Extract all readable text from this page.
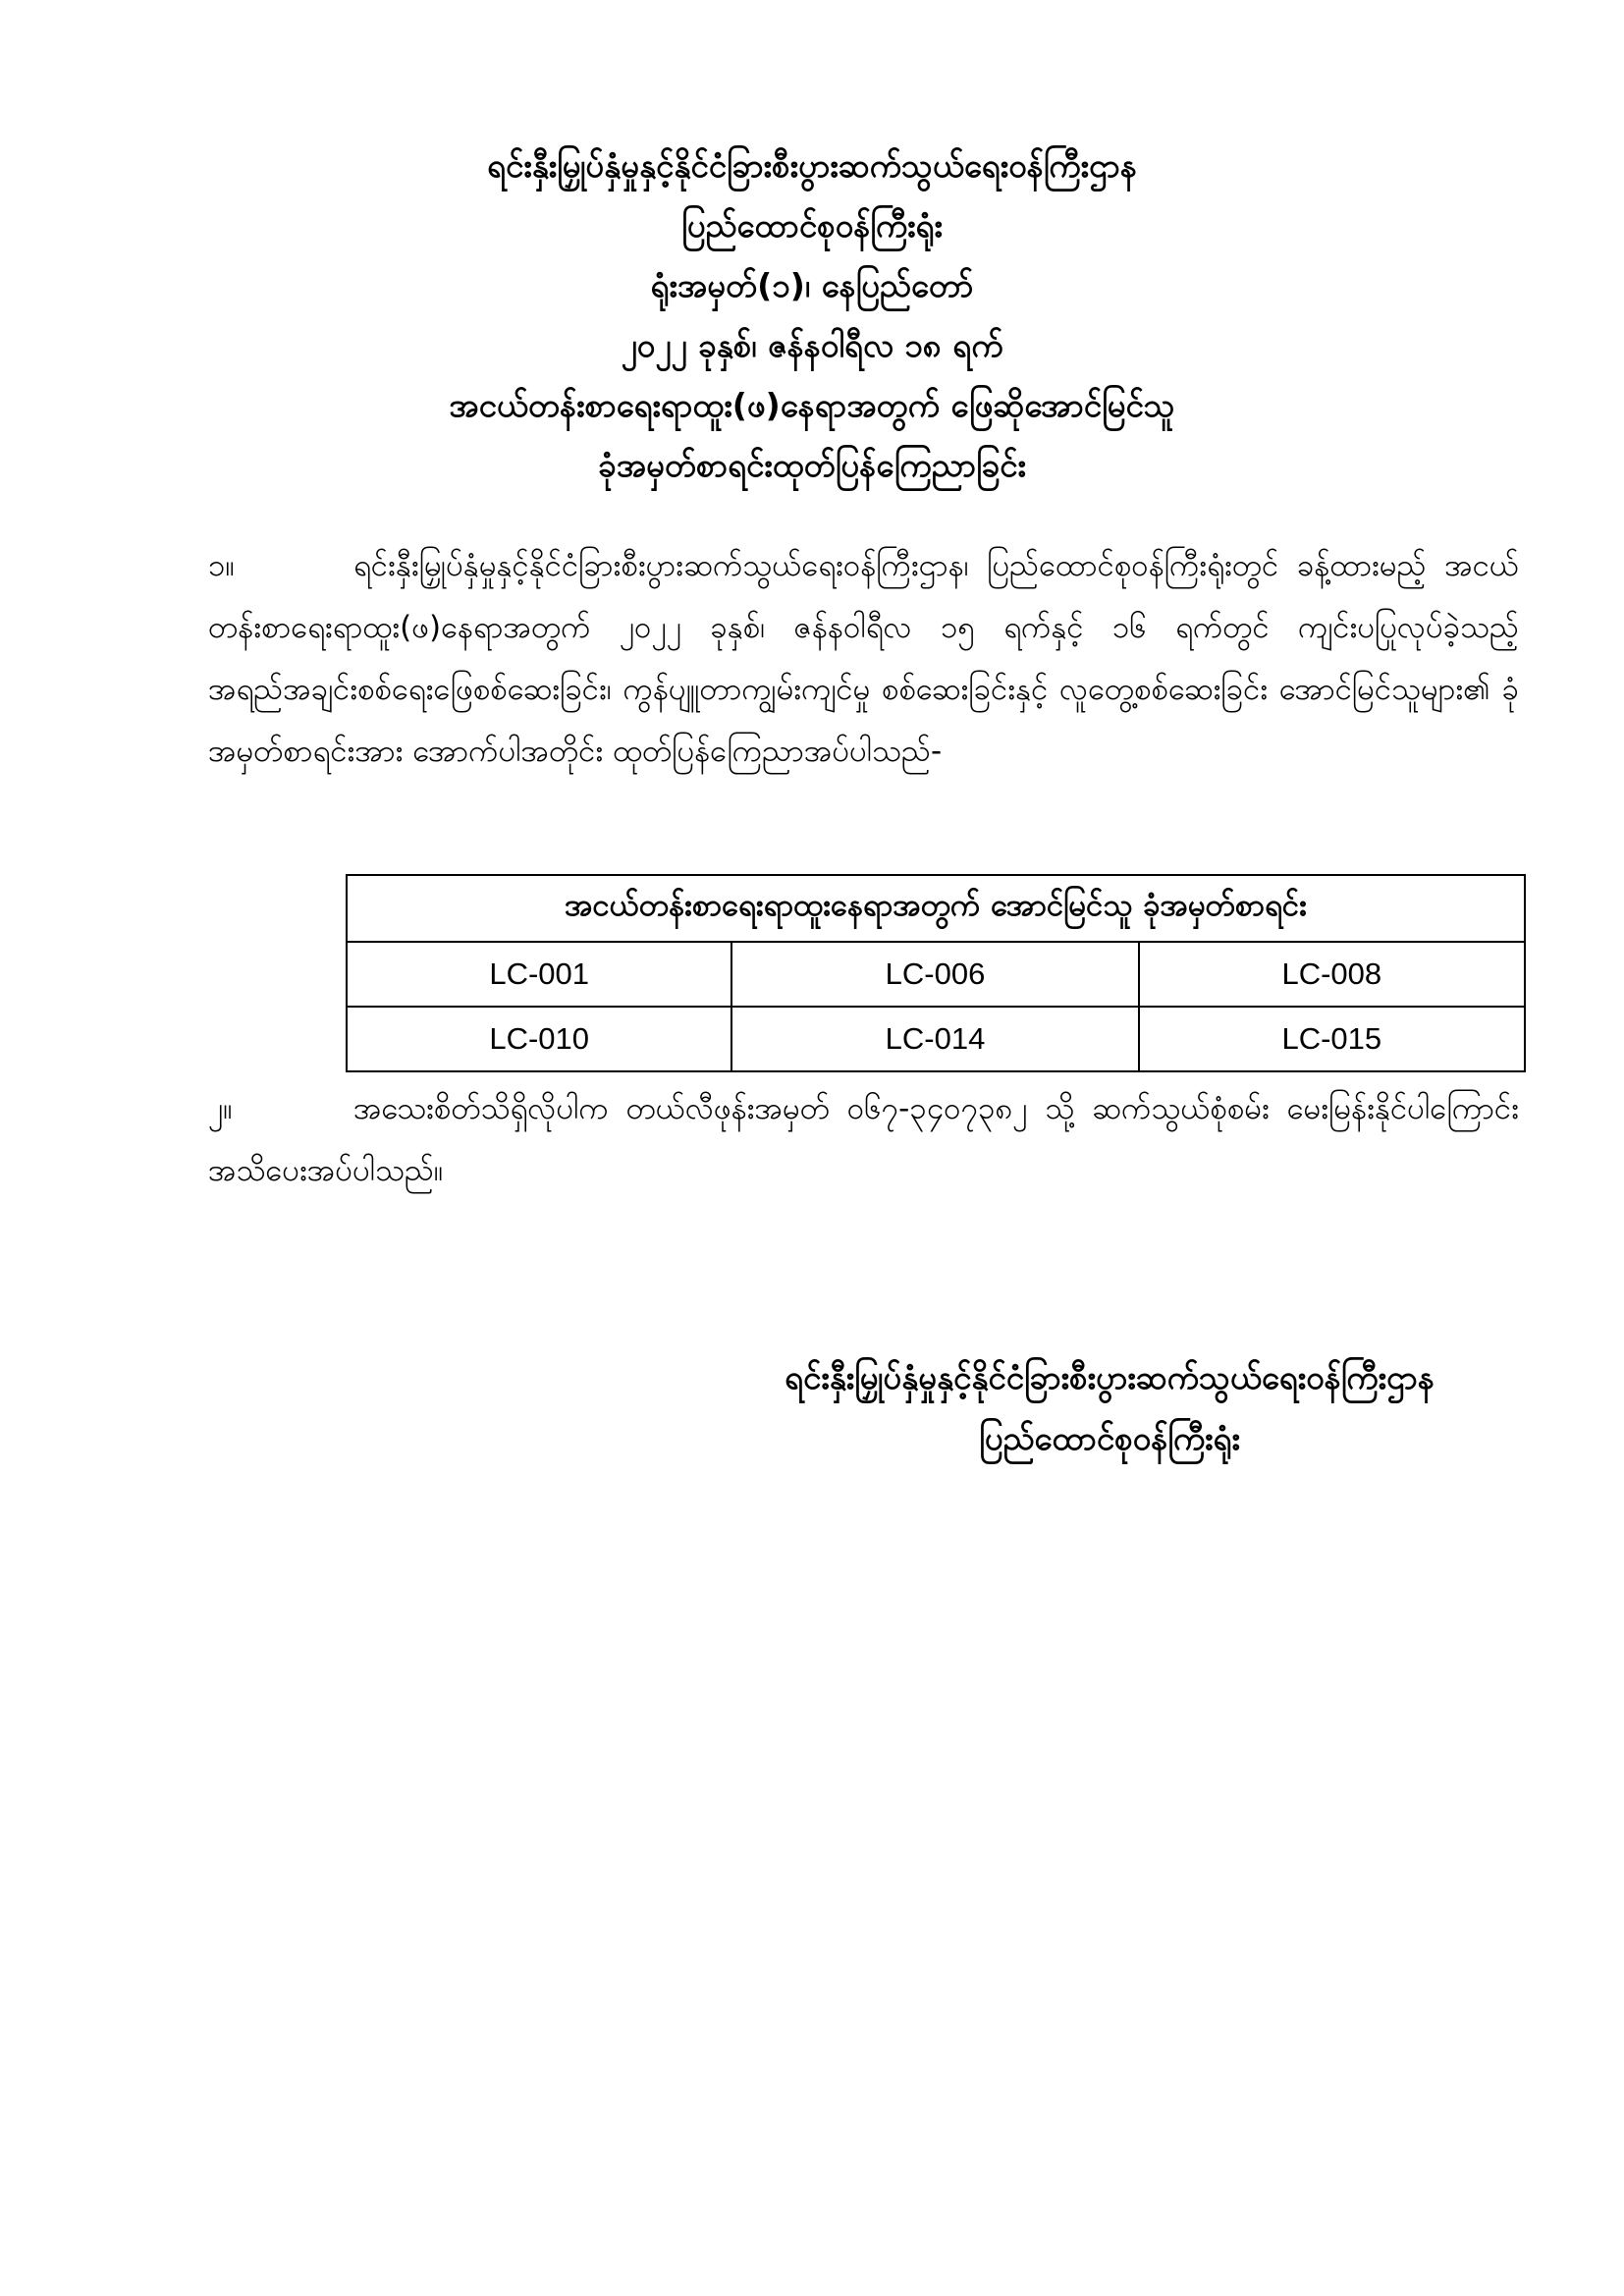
ရင်းနှီးမြှုပ်နှံမှုနှင့်နိုင်ငံခြားစီးပွားဆက်သွယ်ရေးဝန်ကြီးဌာန
ပြည်ထောင်စုဝန်ကြီးရုံး
ရုံးအမှတ်(၁)၊ နေပြည်တော်
၂၀၂၂ ခုနှစ်၊ ဇန်နဝါရီလ ၁၈ ရက်
အငယ်တန်းစာရေးရာထူး(ဖ)နေရာအတွက် ဖြေဆိုအောင်မြင်သူ
ခုံအမှတ်စာရင်းထုတ်ပြန်ကြေညာခြင်း
၁။	ရင်းနှီးမြှုပ်နှံမှုနှင့်နိုင်ငံခြားစီးပွားဆက်သွယ်ရေးဝန်ကြီးဌာန၊ ပြည်ထောင်စုဝန်ကြီးရုံးတွင် ခန့်ထားမည့် အငယ်တန်းစာရေးရာထူး(ဖ)နေရာအတွက် ၂၀၂၂ ခုနှစ်၊ ဇန်နဝါရီလ ၁၅ ရက်နှင့် ၁၆ ရက်တွင် ကျင်းပပြုလုပ်ခဲ့သည့် အရည်အချင်းစစ်ရေးဖြေစစ်ဆေးခြင်း၊ ကွန်ပျူတာကျွမ်းကျင်မှု စစ်ဆေးခြင်းနှင့် လူတွေ့စစ်ဆေးခြင်း အောင်မြင်သူများ၏ ခုံအမှတ်စာရင်းအား အောက်ပါအတိုင်း ထုတ်ပြန်ကြေညာအပ်ပါသည်-
အငယ်တန်းစာရေးရာထူးနေရာအတွက် အောင်မြင်သူ ခုံအမှတ်စာရင်း		
LC-001	LC-006	LC-008
LC-010	LC-014	LC-015
၂။	အသေးစိတ်သိရှိလိုပါက တယ်လီဖုန်းအမှတ် ၀၆၇-၃၄၀၇၃၈၂ သို့ ဆက်သွယ်စုံစမ်း မေးမြန်းနိုင်ပါကြောင်း အသိပေးအပ်ပါသည်။
ရင်းနှီးမြှုပ်နှံမှုနှင့်နိုင်ငံခြားစီးပွားဆက်သွယ်ရေးဝန်ကြီးဌာန
ပြည်ထောင်စုဝန်ကြီးရုံး
